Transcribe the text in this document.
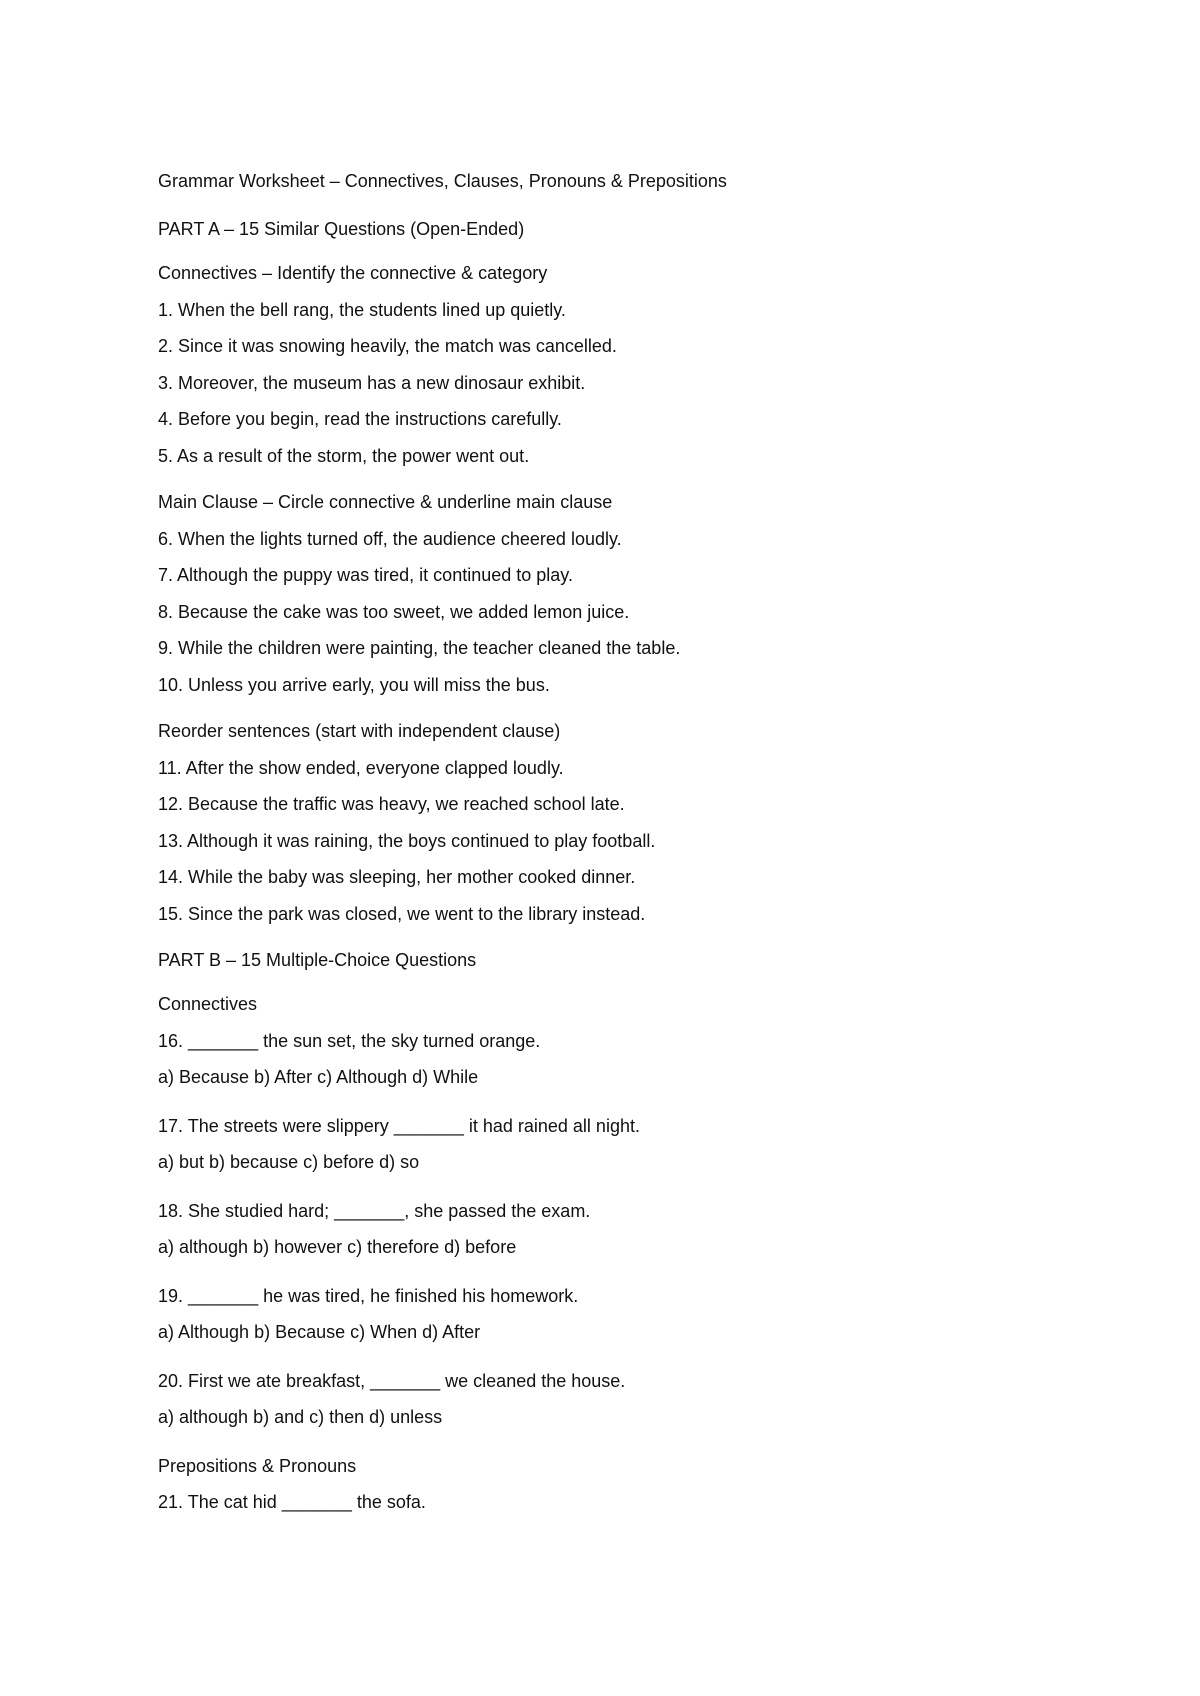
Grammar Worksheet – Connectives, Clauses, Pronouns & Prepositions

PART A – 15 Similar Questions (Open-Ended)

Connectives – Identify the connective & category

1. When the bell rang, the students lined up quietly.

2. Since it was snowing heavily, the match was cancelled.

3. Moreover, the museum has a new dinosaur exhibit.

4. Before you begin, read the instructions carefully.

5. As a result of the storm, the power went out.

Main Clause – Circle connective & underline main clause

6. When the lights turned off, the audience cheered loudly.

7. Although the puppy was tired, it continued to play.

8. Because the cake was too sweet, we added lemon juice.

9. While the children were painting, the teacher cleaned the table.

10. Unless you arrive early, you will miss the bus.

Reorder sentences (start with independent clause)

11. After the show ended, everyone clapped loudly.

12. Because the traffic was heavy, we reached school late.

13. Although it was raining, the boys continued to play football.

14. While the baby was sleeping, her mother cooked dinner.

15. Since the park was closed, we went to the library instead.

PART B – 15 Multiple-Choice Questions

Connectives

16. _______ the sun set, the sky turned orange.

a) Because b) After c) Although d) While

17. The streets were slippery _______ it had rained all night.

a) but b) because c) before d) so

18. She studied hard; _______, she passed the exam.

a) although b) however c) therefore d) before

19. _______ he was tired, he finished his homework.

a) Although b) Because c) When d) After

20. First we ate breakfast, _______ we cleaned the house.

a) although b) and c) then d) unless

Prepositions & Pronouns

21. The cat hid _______ the sofa.
